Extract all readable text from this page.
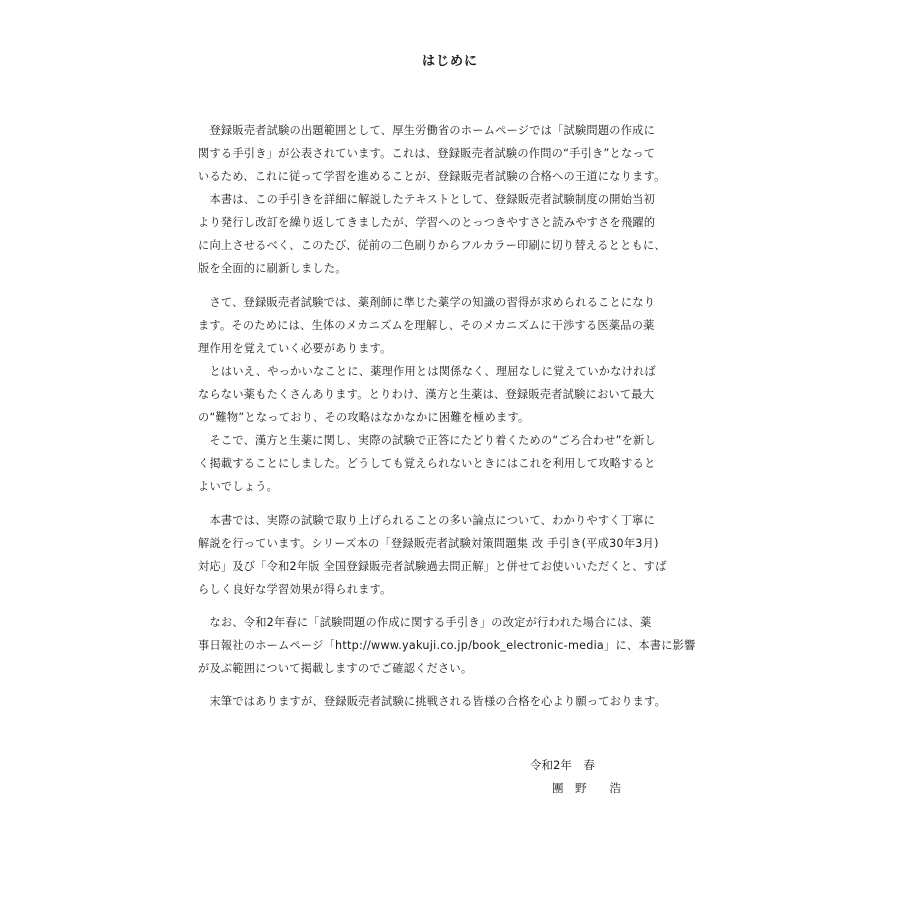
はじめに
　登録販売者試験の出題範囲として、厚生労働省のホームページでは「試験問題の作成に
関する手引き」が公表されています。これは、登録販売者試験の作問の“手引き”となって
いるため、これに従って学習を進めることが、登録販売者試験の合格への王道になります。
　本書は、この手引きを詳細に解説したテキストとして、登録販売者試験制度の開始当初
より発行し改訂を繰り返してきましたが、学習へのとっつきやすさと読みやすさを飛躍的
に向上させるべく、このたび、従前の二色刷りからフルカラー印刷に切り替えるとともに、
版を全面的に刷新しました。
　さて、登録販売者試験では、薬剤師に準じた薬学の知識の習得が求められることになり
ます。そのためには、生体のメカニズムを理解し、そのメカニズムに干渉する医薬品の薬
理作用を覚えていく必要があります。
　とはいえ、やっかいなことに、薬理作用とは関係なく、理屈なしに覚えていかなければ
ならない薬もたくさんあります。とりわけ、漢方と生薬は、登録販売者試験において最大
の“難物”となっており、その攻略はなかなかに困難を極めます。
　そこで、漢方と生薬に関し、実際の試験で正答にたどり着くための“ごろ合わせ”を新し
く掲載することにしました。どうしても覚えられないときにはこれを利用して攻略すると
よいでしょう。
　本書では、実際の試験で取り上げられることの多い論点について、わかりやすく丁寧に
解説を行っています。シリーズ本の「登録販売者試験対策問題集 改 手引き(平成30年3月)
対応」及び「令和2年版 全国登録販売者試験過去問正解」と併せてお使いいただくと、すば
らしく良好な学習効果が得られます。
　なお、令和2年春に「試験問題の作成に関する手引き」の改定が行われた場合には、薬
事日報社のホームページ「http://www.yakuji.co.jp/book_electronic-media」に、本書に影響
が及ぶ範囲について掲載しますのでご確認ください。
　末筆ではありますが、登録販売者試験に挑戦される皆様の合格を心より願っております。
令和2年　春
團　野　　浩
